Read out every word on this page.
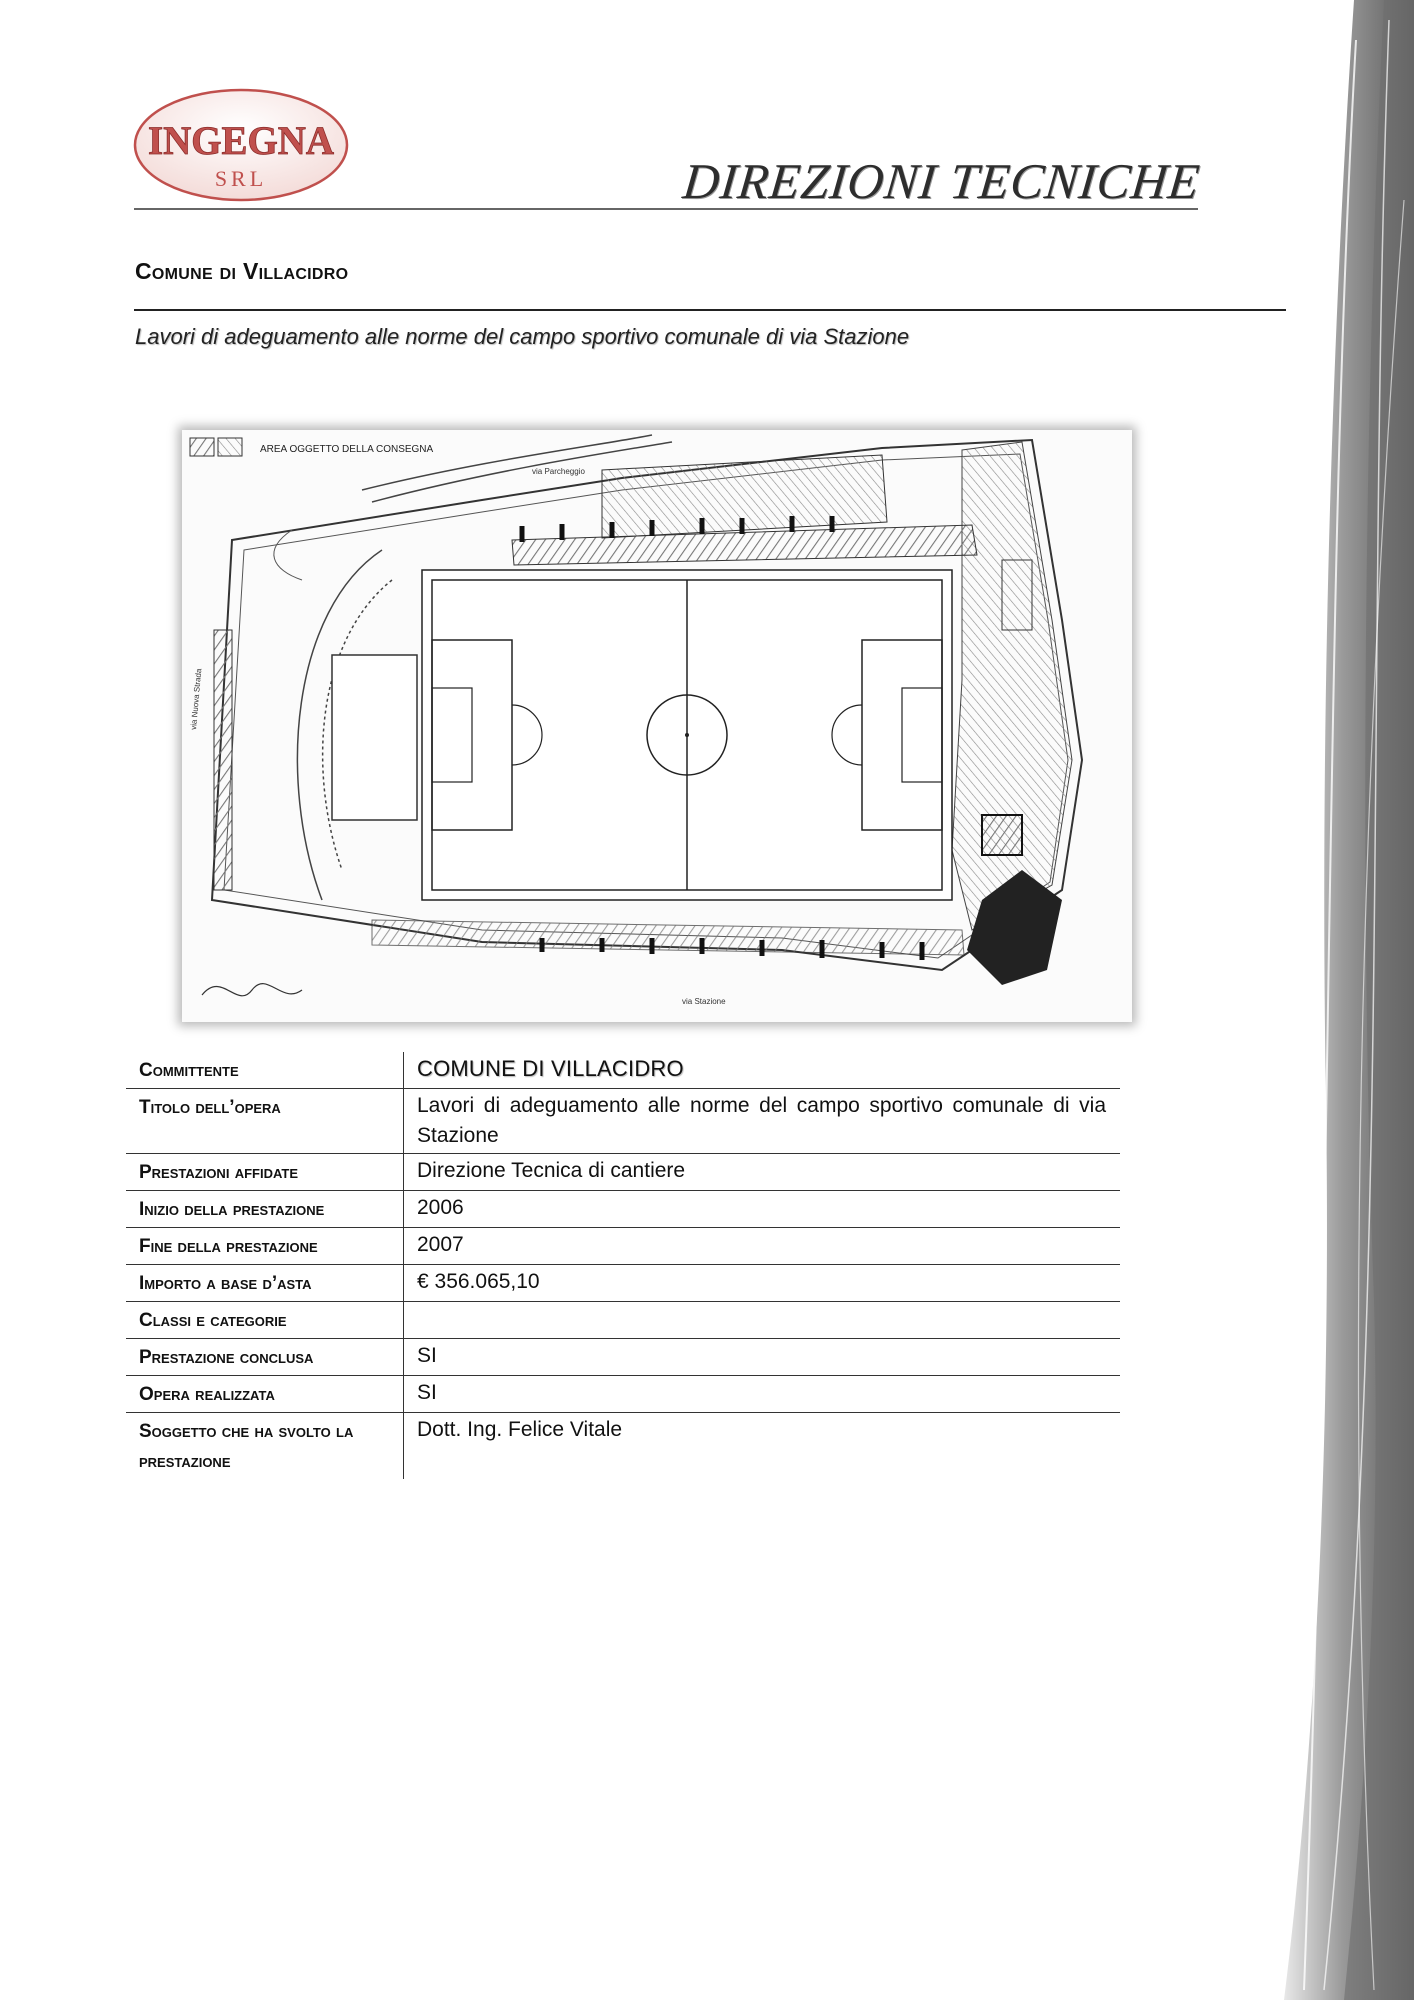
INGEGNA
SRL	DIREZIONI TECNICHE
Comune di Villacidro
Lavori di adeguamento alle norme del campo sportivo comunale di via Stazione
AREA OGGETTO DELLA CONSEGNA
via Parcheggio
via Stazione
via Nuova Strada
Committente	COMUNE DI VILLACIDRO
Titolo dell’opera	Lavori di adeguamento alle norme del campo sportivo comunale di via Stazione
Prestazioni affidate	Direzione Tecnica di cantiere
Inizio della prestazione	2006
Fine della prestazione	2007
Importo a base d’asta	€ 356.065,10
Classi e categorie	
Prestazione conclusa	SI
Opera realizzata	SI
Soggetto che ha svolto la prestazione	Dott. Ing. Felice Vitale
